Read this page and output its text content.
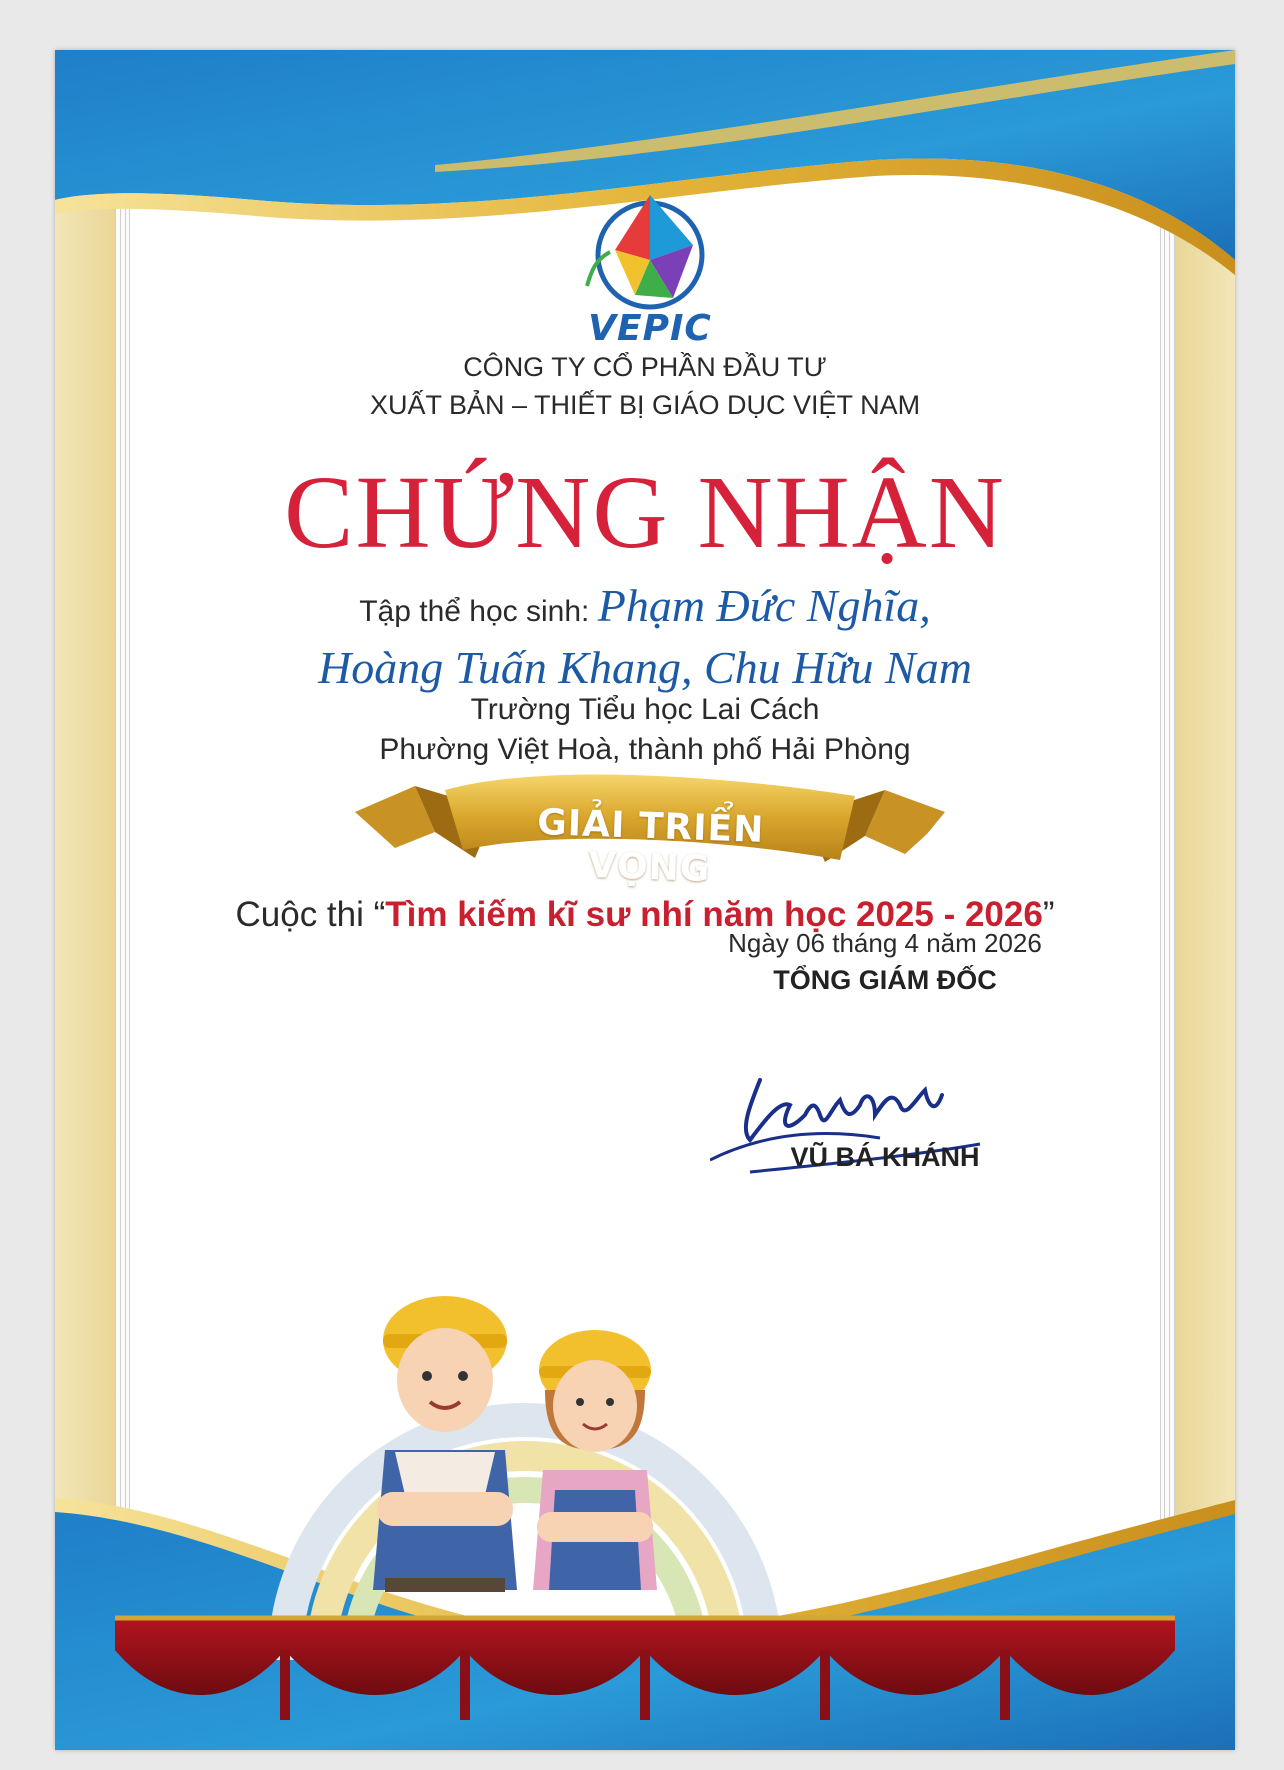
VEPIC
CÔNG TY CỔ PHẦN ĐẦU TƯ
XUẤT BẢN – THIẾT BỊ GIÁO DỤC VIỆT NAM
CHỨNG NHẬN
Tập thể học sinh: Phạm Đức Nghĩa,
Hoàng Tuấn Khang, Chu Hữu Nam
Trường Tiểu học Lai Cách
Phường Việt Hoà, thành phố Hải Phòng
GIẢI TRIỂN VỌNG
Cuộc thi “Tìm kiếm kĩ sư nhí năm học 2025 - 2026”
Ngày 06 tháng 4 năm 2026
TỔNG GIÁM ĐỐC
VŨ BÁ KHÁNH
